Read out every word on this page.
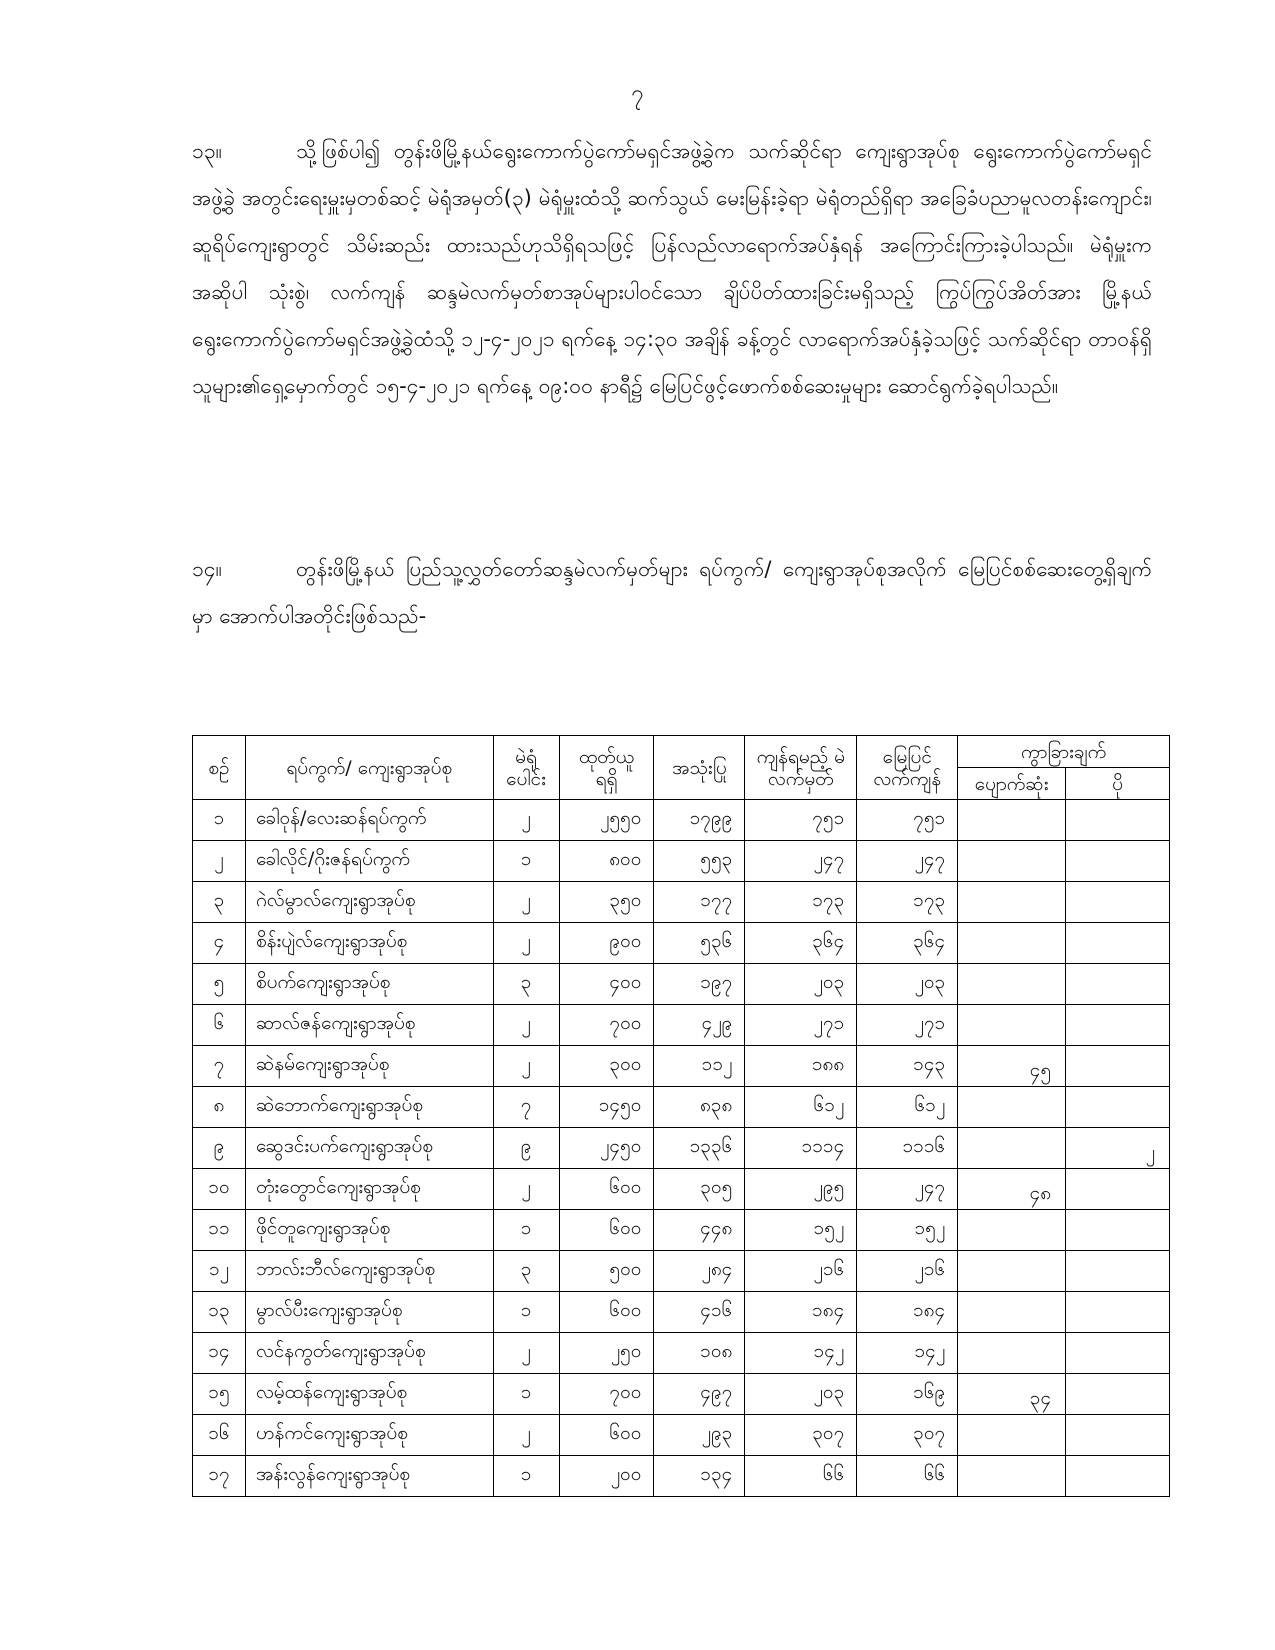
၇
၁၃။	သို့ဖြစ်ပါ၍ တွန်းဖိမြို့နယ်ရွေးကောက်ပွဲကော်မရှင်အဖွဲ့ခွဲက သက်ဆိုင်ရာ ကျေးရွာအုပ်စု ရွေးကောက်ပွဲကော်မရှင်အဖွဲ့ခွဲ အတွင်းရေးမှူးမှတစ်ဆင့် မဲရုံအမှတ်(၃) မဲရုံမှူးထံသို့ ဆက်သွယ် မေးမြန်းခဲ့ရာ မဲရုံတည်ရှိရာ အခြေခံပညာမူလတန်းကျောင်း၊ ဆူရိပ်ကျေးရွာတွင် သိမ်းဆည်း ထားသည်ဟုသိရှိရသဖြင့် ပြန်လည်လာရောက်အပ်နှံရန် အကြောင်းကြားခဲ့ပါသည်။ မဲရုံမှူးက အဆိုပါ သုံးစွဲ၊ လက်ကျန် ဆန္ဒမဲလက်မှတ်စာအုပ်များပါဝင်သော ချိပ်ပိတ်ထားခြင်းမရှိသည့် ကြွပ်ကြွပ်အိတ်အား မြို့နယ်ရွေးကောက်ပွဲကော်မရှင်အဖွဲ့ခွဲထံသို့ ၁၂-၄-၂၀၂၁ ရက်နေ့ ၁၄:၃၀ အချိန် ခန့်တွင် လာရောက်အပ်နှံခဲ့သဖြင့် သက်ဆိုင်ရာ တာဝန်ရှိသူများ၏ရှေ့မှောက်တွင် ၁၅-၄-၂၀၂၁ ရက်နေ့ ၀၉:၀၀ နာရီ၌ မြေပြင်ဖွင့်ဖောက်စစ်ဆေးမှုများ ဆောင်ရွက်ခဲ့ရပါသည်။
၁၄။	တွန်းဖိမြို့နယ် ပြည်သူ့လွှတ်တော်ဆန္ဒမဲလက်မှတ်များ ရပ်ကွက်/ ကျေးရွာအုပ်စုအလိုက် မြေပြင်စစ်ဆေးတွေ့ရှိချက်မှာ အောက်ပါအတိုင်းဖြစ်သည်-
စဉ်	ရပ်ကွက်/ ကျေးရွာအုပ်စု	မဲရုံ ပေါင်း	ထုတ်ယူ ရရှိ	အသုံးပြု	ကျန်ရမည့် မဲလက်မှတ်	မြေပြင် လက်ကျန်	ကွာခြားချက်	
							ပျောက်ဆုံး	ပို
၁	ခေါဝုန်/လေးဆန်ရပ်ကွက်	၂	၂၅၅၀	၁၇၉၉	၇၅၁	၇၅၁		
၂	ခေါလိုင်/ဂိုးဇန်ရပ်ကွက်	၁	၈၀၀	၅၅၃	၂၄၇	၂၄၇		
၃	ဂဲလ်မွာလ်ကျေးရွာအုပ်စု	၂	၃၅၀	၁၇၇	၁၇၃	၁၇၃		
၄	စိန်းပျဲလ်ကျေးရွာအုပ်စု	၂	၉၀၀	၅၃၆	၃၆၄	၃၆၄		
၅	စိပက်ကျေးရွာအုပ်စု	၃	၄၀၀	၁၉၇	၂၀၃	၂၀၃		
၆	ဆာလ်ဇန်ကျေးရွာအုပ်စု	၂	၇၀၀	၄၂၉	၂၇၁	၂၇၁		
၇	ဆဲနမ်ကျေးရွာအုပ်စု	၂	၃၀၀	၁၁၂	၁၈၈	၁၄၃	၄၅	
၈	ဆဲဘောက်ကျေးရွာအုပ်စု	၇	၁၄၅၀	၈၃၈	၆၁၂	၆၁၂		
၉	ဆွေဒင်းပက်ကျေးရွာအုပ်စု	၉	၂၄၅၀	၁၃၃၆	၁၁၁၄	၁၁၁၆		၂
၁၀	တုံးတွောင်ကျေးရွာအုပ်စု	၂	၆၀၀	၃၀၅	၂၉၅	၂၄၇	၄၈	
၁၁	ဖိုင်တူကျေးရွာအုပ်စု	၁	၆၀၀	၄၄၈	၁၅၂	၁၅၂		
၁၂	ဘာလ်းဘီလ်ကျေးရွာအုပ်စု	၃	၅၀၀	၂၈၄	၂၁၆	၂၁၆		
၁၃	မွာလ်ပီးကျေးရွာအုပ်စု	၁	၆၀၀	၄၁၆	၁၈၄	၁၈၄		
၁၄	လင်နကွတ်ကျေးရွာအုပ်စု	၂	၂၅၀	၁၀၈	၁၄၂	၁၄၂		
၁၅	လမ့်ထန်ကျေးရွာအုပ်စု	၁	၇၀၀	၄၉၇	၂၀၃	၁၆၉	၃၄	
၁၆	ဟန်ကင်ကျေးရွာအုပ်စု	၂	၆၀၀	၂၉၃	၃၀၇	၃၀၇		
၁၇	အန်းလွန်ကျေးရွာအုပ်စု	၁	၂၀၀	၁၃၄	၆၆	၆၆		
